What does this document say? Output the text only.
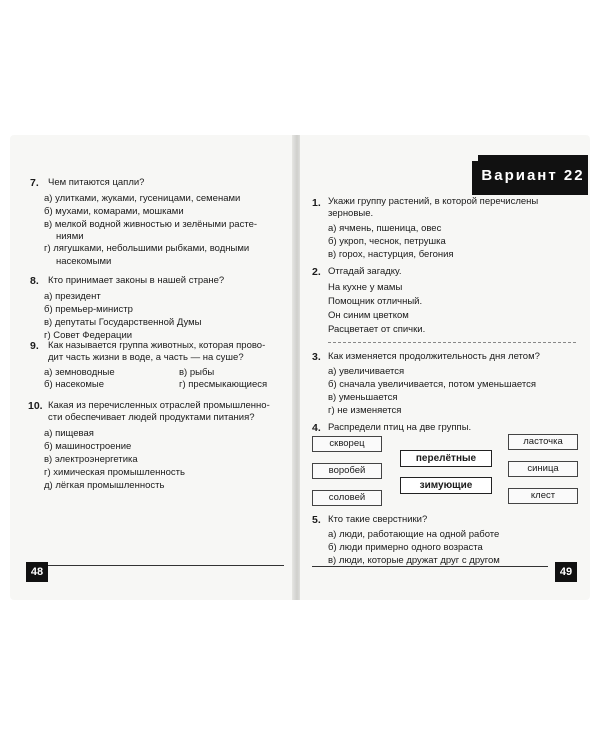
7. Чем питаются цапли?
а) улитками, жуками, гусеницами, семенами
б) мухами, комарами, мошками
в) мелкой водной живностью и зелёными расте-
ниями
г) лягушками, небольшими рыбками, водными
насекомыми
8. Кто принимает законы в нашей стране?
а) президент
б) премьер-министр
в) депутаты Государственной Думы
г) Совет Федерации
9. Как называется группа животных, которая прово-
дит часть жизни в воде, а часть — на суше?
а) земноводные
б) насекомые
в) рыбы
г) пресмыкающиеся
10. Какая из перечисленных отраслей промышленно-
сти обеспечивает людей продуктами питания?
а) пищевая
б) машиностроение
в) электроэнергетика
г) химическая промышленность
д) лёгкая промышленность
48
Вариант 22
1. Укажи группу растений, в которой перечислены
зерновые.
а) ячмень, пшеница, овес
б) укроп, чеснок, петрушка
в) горох, настурция, бегония
2. Отгадай загадку.
На кухне у мамы
Помощник отличный.
Он синим цветком
Расцветает от спички.
3. Как изменяется продолжительность дня летом?
а) увеличивается
б) сначала увеличивается, потом уменьшается
в) уменьшается
г) не изменяется
4. Распредели птиц на две группы.
скворец
воробей
соловей
перелётные
зимующие
ласточка
синица
клест
5. Кто такие сверстники?
а) люди, работающие на одной работе
б) люди примерно одного возраста
в) люди, которые дружат друг с другом
49
